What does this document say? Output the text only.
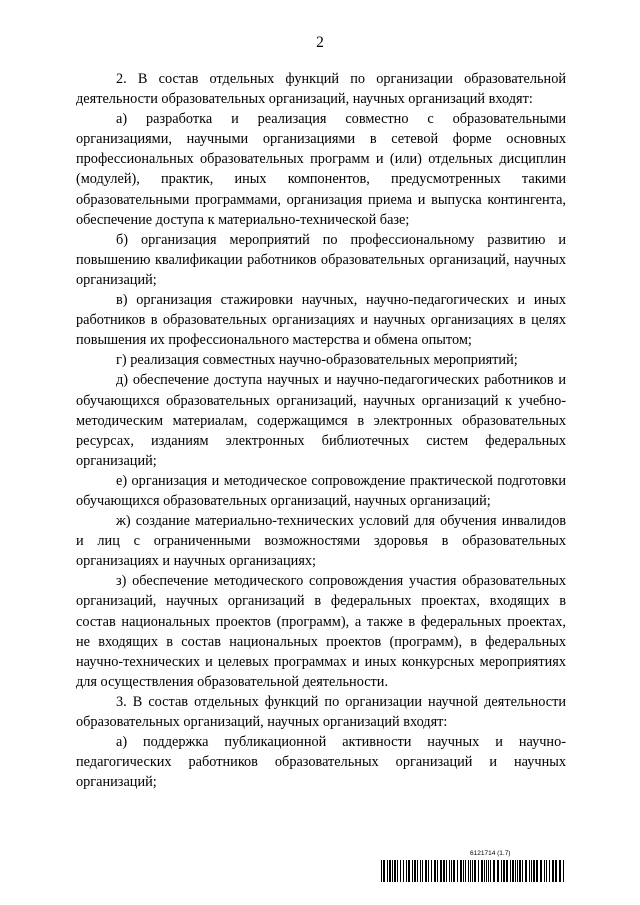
2

2. В состав отдельных функций по организации образовательной деятельности образовательных организаций, научных организаций входят:

а) разработка и реализация совместно с образовательными организациями, научными организациями в сетевой форме основных профессиональных образовательных программ и (или) отдельных дисциплин (модулей), практик, иных компонентов, предусмотренных такими образовательными программами, организация приема и выпуска контингента, обеспечение доступа к материально-технической базе;

б) организация мероприятий по профессиональному развитию и повышению квалификации работников образовательных организаций, научных организаций;

в) организация стажировки научных, научно-педагогических и иных работников в образовательных организациях и научных организациях в целях повышения их профессионального мастерства и обмена опытом;

г) реализация совместных научно-образовательных мероприятий;

д) обеспечение доступа научных и научно-педагогических работников и обучающихся образовательных организаций, научных организаций к учебно-методическим материалам, содержащимся в электронных образовательных ресурсах, изданиям электронных библиотечных систем федеральных организаций;

е) организация и методическое сопровождение практической подготовки обучающихся образовательных организаций, научных организаций;

ж) создание материально-технических условий для обучения инвалидов и лиц с ограниченными возможностями здоровья в образовательных организациях и научных организациях;

з) обеспечение методического сопровождения участия образовательных организаций, научных организаций в федеральных проектах, входящих в состав национальных проектов (программ), а также в федеральных проектах, не входящих в состав национальных проектов (программ), в федеральных научно-технических и целевых программах и иных конкурсных мероприятиях для осуществления образовательной деятельности.

3. В состав отдельных функций по организации научной деятельности образовательных организаций, научных организаций входят:

а) поддержка публикационной активности научных и научно-педагогических работников образовательных организаций и научных организаций;

6121714 (1.7)
